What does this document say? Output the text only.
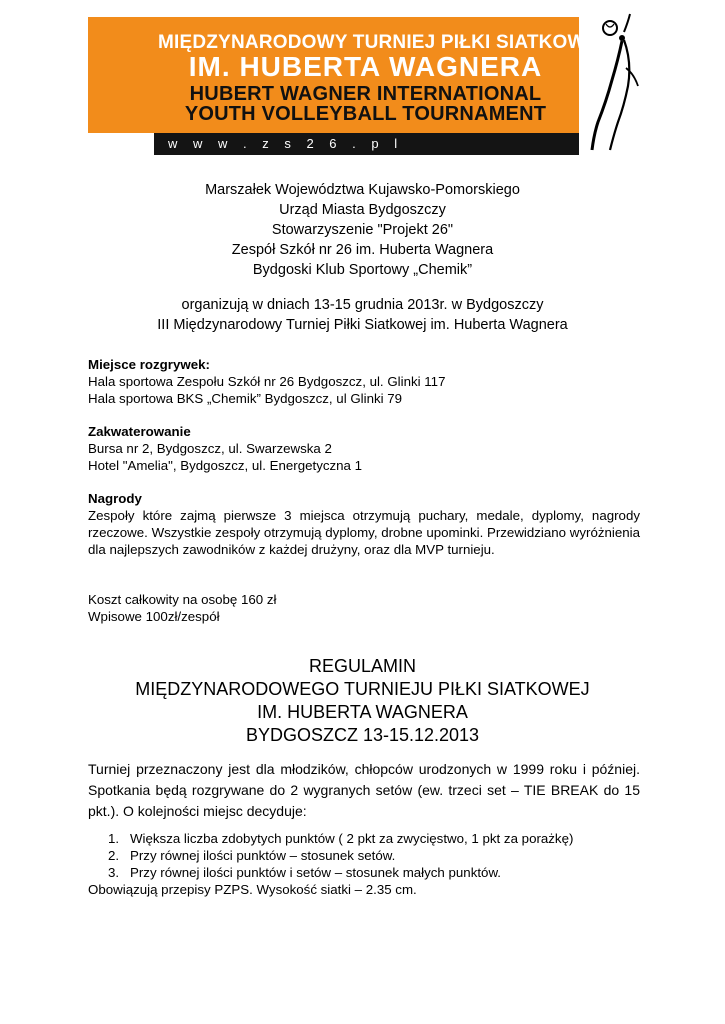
MIĘDZYNARODOWY TURNIEJ PIŁKI SIATKOWEJ
IM. HUBERTA WAGNERA
HUBERT WAGNER INTERNATIONAL
YOUTH VOLLEYBALL TOURNAMENT
w w w . z s 2 6 . p l
Marszałek Województwa Kujawsko-Pomorskiego
Urząd Miasta Bydgoszczy
Stowarzyszenie "Projekt 26"
Zespół Szkół nr 26 im. Huberta Wagnera
Bydgoski Klub Sportowy „Chemik”
organizują w dniach 13-15 grudnia 2013r. w Bydgoszczy
III Międzynarodowy Turniej Piłki Siatkowej im. Huberta Wagnera
Miejsce rozgrywek:
Hala sportowa Zespołu Szkół nr 26 Bydgoszcz, ul. Glinki 117
Hala sportowa BKS „Chemik” Bydgoszcz, ul Glinki 79
Zakwaterowanie
Bursa nr 2, Bydgoszcz, ul. Swarzewska 2
Hotel "Amelia", Bydgoszcz, ul. Energetyczna 1
Nagrody
Zespoły które zajmą pierwsze 3 miejsca otrzymują puchary, medale, dyplomy, nagrody rzeczowe. Wszystkie zespoły otrzymują dyplomy, drobne upominki. Przewidziano wyróżnienia dla najlepszych zawodników z każdej drużyny, oraz dla MVP turnieju.
Koszt całkowity na osobę 160 zł
Wpisowe 100zł/zespół
REGULAMIN
MIĘDZYNARODOWEGO TURNIEJU PIŁKI SIATKOWEJ
IM. HUBERTA WAGNERA
BYDGOSZCZ 13-15.12.2013
Turniej przeznaczony jest dla młodzików, chłopców urodzonych w 1999 roku i później. Spotkania będą rozgrywane do 2 wygranych setów (ew. trzeci set – TIE BREAK do 15 pkt.). O kolejności miejsc decyduje:
1. Większa liczba zdobytych punktów ( 2 pkt za zwycięstwo, 1 pkt za porażkę)
2. Przy równej ilości punktów – stosunek setów.
3. Przy równej ilości punktów i setów – stosunek małych punktów.
Obowiązują przepisy PZPS. Wysokość siatki – 2.35 cm.
